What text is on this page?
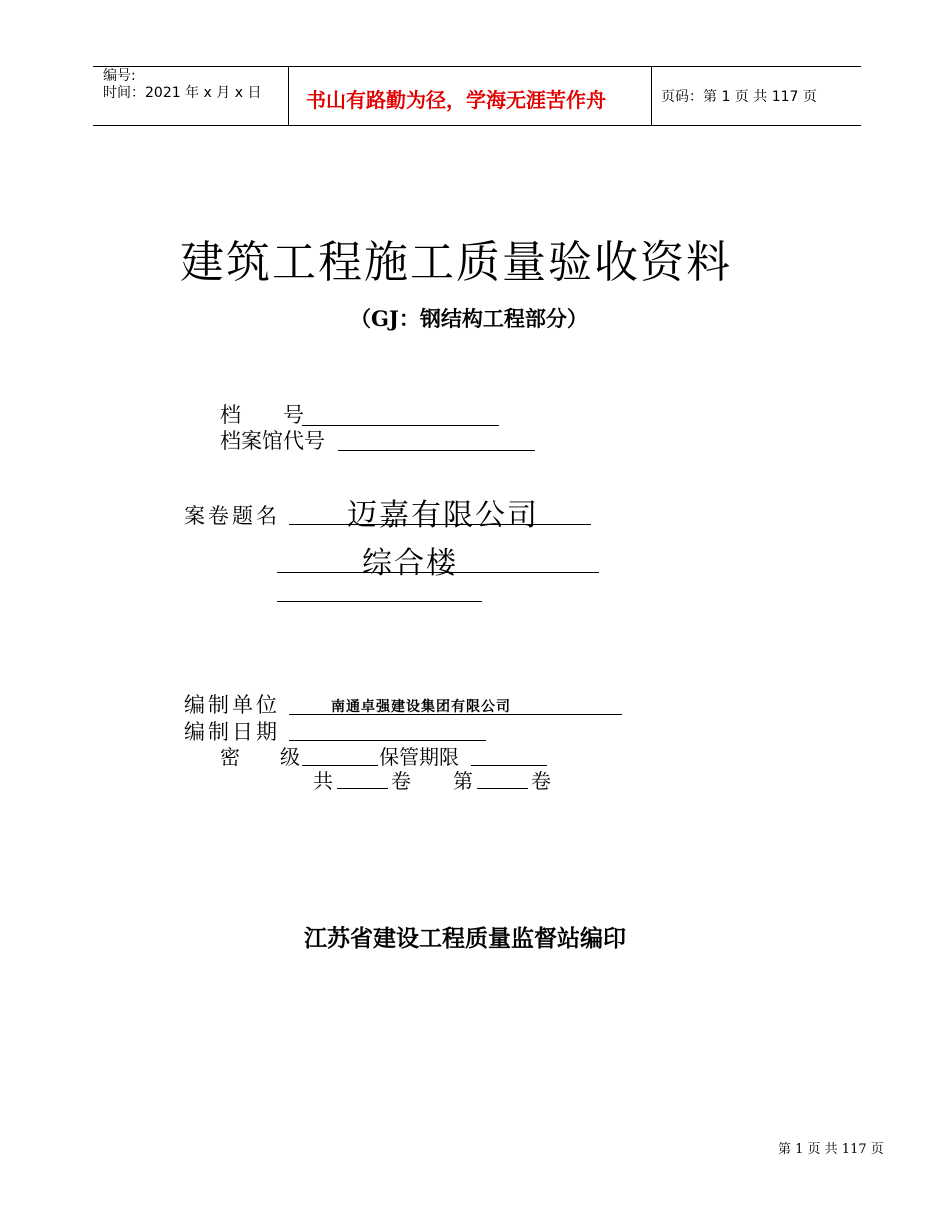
编号:
时间：2021 年 x 月 x 日 书山有路勤为径，学海无涯苦作舟	页码：第 1 页 共 117 页
建筑工程施工质量验收资料
（GJ：钢结构工程部分）
档　　号
档案馆代号
案卷题名 迈嘉有限公司
综合楼
编制单位	南通卓强建设集团有限公司
编制日期
密　　级	保管期限
共	卷 第	卷
江苏省建设工程质量监督站编印
第 1 页 共 117 页
